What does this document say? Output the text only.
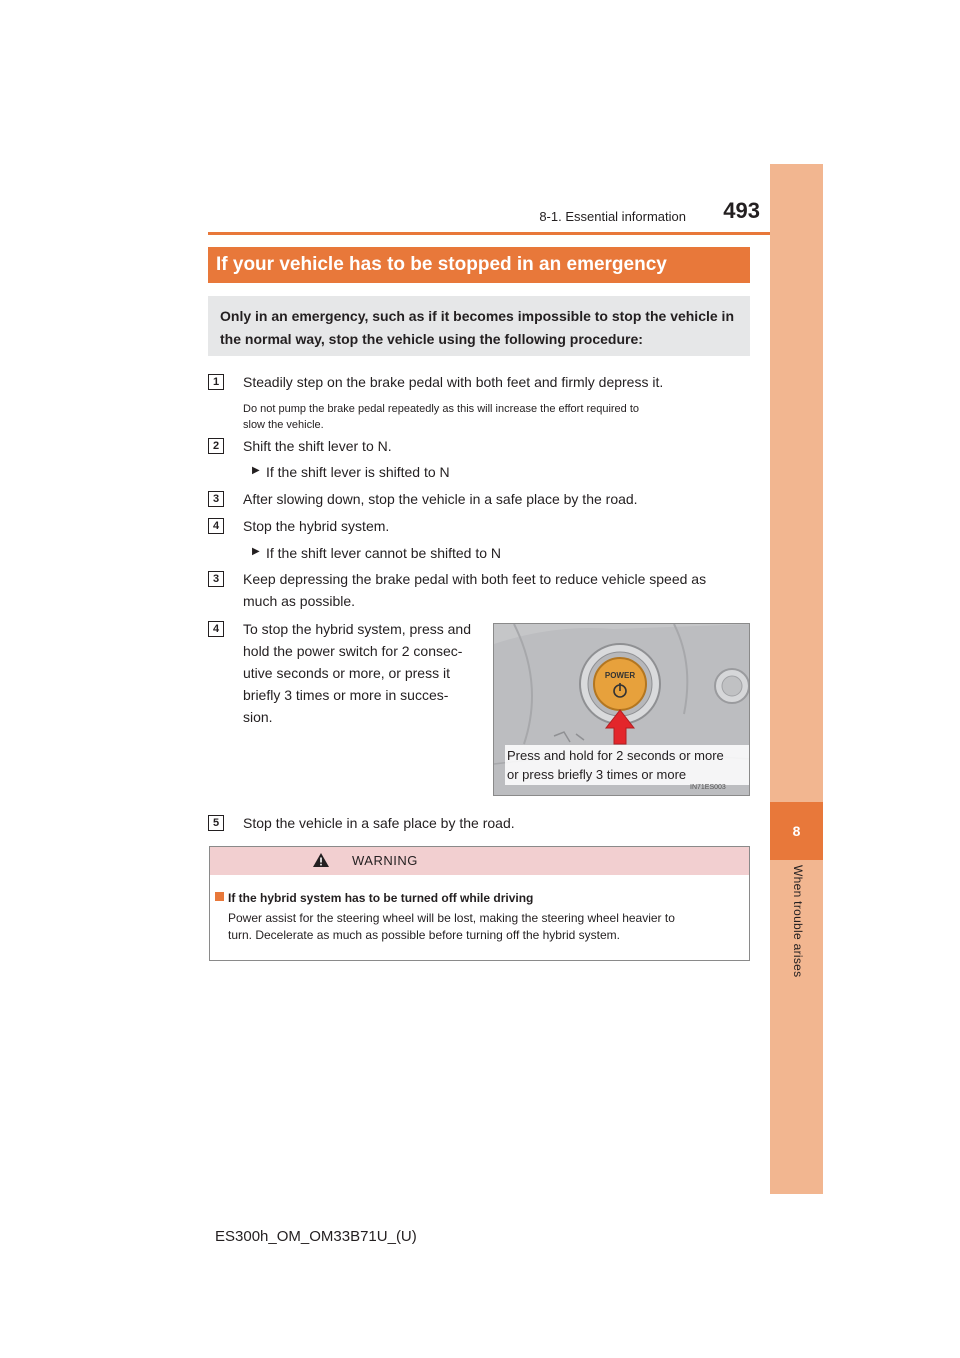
8-1. Essential information	493
8
When trouble arises
If your vehicle has to be stopped in an emergency
Only in an emergency, such as if it becomes impossible to stop the vehicle in the normal way, stop the vehicle using the following procedure:
1	Steadily step on the brake pedal with both feet and firmly depress it.
Do not pump the brake pedal repeatedly as this will increase the effort required to
slow the vehicle.
2	Shift the shift lever to N.
▶ If the shift lever is shifted to N
3	After slowing down, stop the vehicle in a safe place by the road.
4	Stop the hybrid system.
▶ If the shift lever cannot be shifted to N
3	Keep depressing the brake pedal with both feet to reduce vehicle speed as
much as possible.
4	To stop the hybrid system, press and
hold the power switch for 2 consec-
utive seconds or more, or press it
briefly 3 times or more in succes-
sion.
POWER
Press and hold for 2 seconds or more
or press briefly 3 times or more
IN71ES003
5	Stop the vehicle in a safe place by the road.
WARNING
If the hybrid system has to be turned off while driving
Power assist for the steering wheel will be lost, making the steering wheel heavier to
turn. Decelerate as much as possible before turning off the hybrid system.
ES300h_OM_OM33B71U_(U)
